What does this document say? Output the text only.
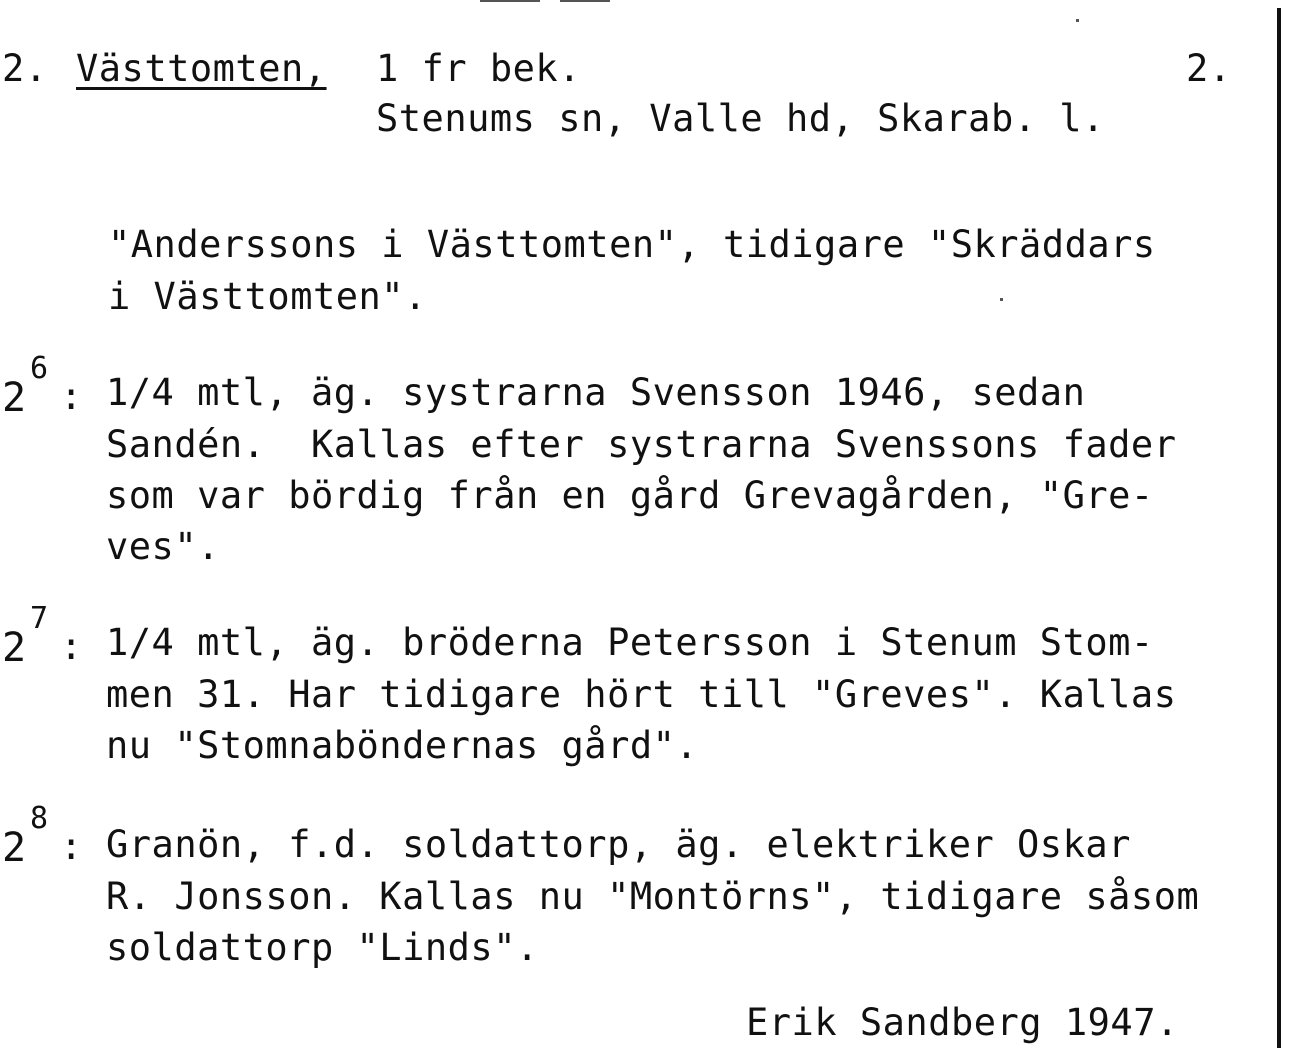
2. Västtomten, 1 fr bek.	2.
Stenums sn, Valle hd, Skarab. l.
"Anderssons i Västtomten", tidigare "Skräddars
i Västtomten".
2
6
: 1/4 mtl, äg. systrarna Svensson 1946, sedan
Sandén.  Kallas efter systrarna Svenssons fader
som var bördig från en gård Grevagården, "Gre-
ves".
2
7
: 1/4 mtl, äg. bröderna Petersson i Stenum Stom-
men 31. Har tidigare hört till "Greves". Kallas
nu "Stomnaböndernas gård".
2
8
: Granön, f.d. soldattorp, äg. elektriker Oskar
R. Jonsson. Kallas nu "Montörns", tidigare såsom
soldattorp "Linds".
Erik Sandberg 1947.
